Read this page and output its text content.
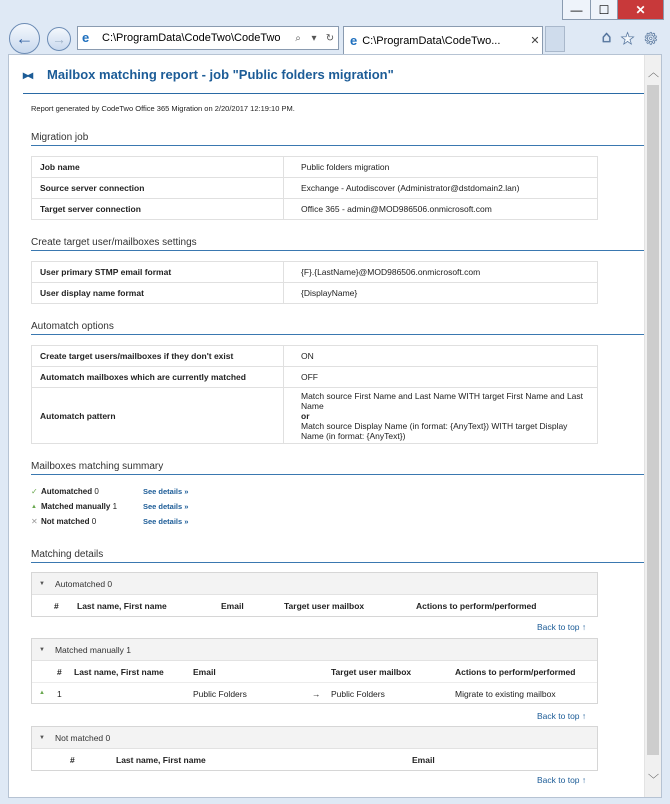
—	☐	✕
←	→	e	C:\ProgramData\CodeTwo\CodeTwo	⌕	▾ ↻ e C:\ProgramData\CodeTwo...	✕	⌂ ★ ⚙
▸◂	Mailbox matching report - job "Public folders migration"
Report generated by CodeTwo Office 365 Migration on 2/20/2017 12:19:10 PM.
Migration job
Job name	Public folders migration
Source server connection	Exchange - Autodiscover (Administrator@dstdomain2.lan)
Target server connection	Office 365 - admin@MOD986506.onmicrosoft.com
Create target user/mailboxes settings
User primary STMP email format	{F}.{LastName}@MOD986506.onmicrosoft.com
User display name format	{DisplayName}
Automatch options
Create target users/mailboxes if they don't exist	ON
Automatch mailboxes which are currently matched	OFF
Automatch pattern	Match source First Name and Last Name WITH target First Name and Last Name
or
Match source Display Name (in format: {AnyText}) WITH target Display Name (in format: {AnyText})
Mailboxes matching summary
✓ Automatched 0	See details »
▲ Matched manually 1	See details »
✕ Not matched 0	See details »
Matching details
▼ Automatched 0
# Last name, First name	Email	Target user mailbox	Actions to perform/performed
Back to top ↑
▼ Matched manually 1
# Last name, First name	Email	Target user mailbox	Actions to perform/performed
▲ 1	Public Folders	→ Public Folders	Migrate to existing mailbox
Back to top ↑
▼ Not matched 0
#	Last name, First name	Email
Back to top ↑
︿
﹀
